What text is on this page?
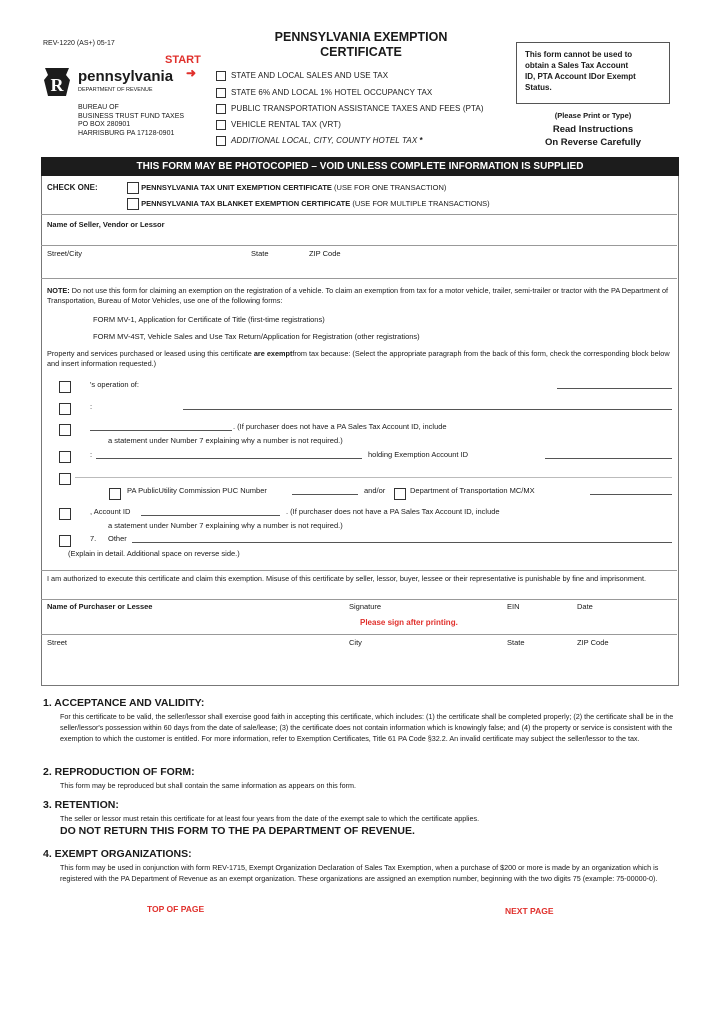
REV-1220 (AS+) 05-17
START
➜
R pennsylvania
DEPARTMENT OF REVENUE
BUREAU OF
BUSINESS TRUST FUND TAXES
PO BOX 280901
HARRISBURG PA 17128-0901
PENNSYLVANIA EXEMPTION
CERTIFICATE
STATE AND LOCAL SALES AND USE TAX
STATE 6% AND LOCAL 1% HOTEL OCCUPANCY TAX
PUBLIC TRANSPORTATION ASSISTANCE TAXES AND FEES (PTA)
VEHICLE RENTAL TAX (VRT)
ADDITIONAL LOCAL, CITY, COUNTY HOTEL TAX *
This form cannot be used to
obtain a Sales Tax Account
ID, PTA Account IDor Exempt
Status.
(Please Print or Type)
Read Instructions
On Reverse Carefully
THIS FORM MAY BE PHOTOCOPIED – VOID UNLESS COMPLETE INFORMATION IS SUPPLIED
CHECK ONE:	PENNSYLVANIA TAX UNIT EXEMPTION CERTIFICATE (USE FOR ONE TRANSACTION)
PENNSYLVANIA TAX BLANKET EXEMPTION CERTIFICATE (USE FOR MULTIPLE TRANSACTIONS)
Name of Seller, Vendor or Lessor
Street/City	State	ZIP Code
NOTE: Do not use this form for claiming an exemption on the registration of a vehicle. To claim an exemption from tax for a motor vehicle, trailer, semi-trailer or tractor with the PA Department of Transportation, Bureau of Motor Vehicles, use one of the following forms:
FORM MV-1, Application for Certificate of Title (first-time registrations)
FORM MV-4ST, Vehicle Sales and Use Tax Return/Application for Registration (other registrations)
Property and services purchased or leased using this certificate are exemptfrom tax because: (Select the appropriate paragraph from the back of this form, check the corresponding block below and insert information requested.)
's operation of:
:
. (If purchaser does not have a PA Sales Tax Account ID, include
a statement under Number 7 explaining why a number is not required.)
:	holding Exemption Account ID
PA PublicUtility Commission PUC Number	and/or	Department of Transportation MC/MX
, Account ID	. (If purchaser does not have a PA Sales Tax Account ID, include
a statement under Number 7 explaining why a number is not required.)
7. Other
(Explain in detail. Additional space on reverse side.)
I am authorized to execute this certificate and claim this exemption. Misuse of this certificate by seller, lessor, buyer, lessee or their representative is punishable by fine and imprisonment.
Name of Purchaser or Lessee	Signature	EIN	Date
Please sign after printing.
Street	City	State	ZIP Code
1. ACCEPTANCE AND VALIDITY:
For this certificate to be valid, the seller/lessor shall exercise good faith in accepting this certificate, which includes: (1) the certificate shall be completed properly; (2) the certificate shall be in the seller/lessor's possession within 60 days from the date of sale/lease; (3) the certificate does not contain information which is knowingly false; and (4) the property or service is consistent with the exemption to which the customer is entitled. For more information, refer to Exemption Certificates, Title 61 PA Code §32.2. An invalid certificate may subject the seller/lessor to the tax.
2. REPRODUCTION OF FORM:
This form may be reproduced but shall contain the same information as appears on this form.
3. RETENTION:
The seller or lessor must retain this certificate for at least four years from the date of the exempt sale to which the certificate applies.
DO NOT RETURN THIS FORM TO THE PA DEPARTMENT OF REVENUE.
4. EXEMPT ORGANIZATIONS:
This form may be used in conjunction with form REV-1715, Exempt Organization Declaration of Sales Tax Exemption, when a purchase of $200 or more is made by an organization which is registered with the PA Department of Revenue as an exempt organization. These organizations are assigned an exemption number, beginning with the two digits 75 (example: 75-00000-0).
TOP OF PAGE	NEXT PAGE
